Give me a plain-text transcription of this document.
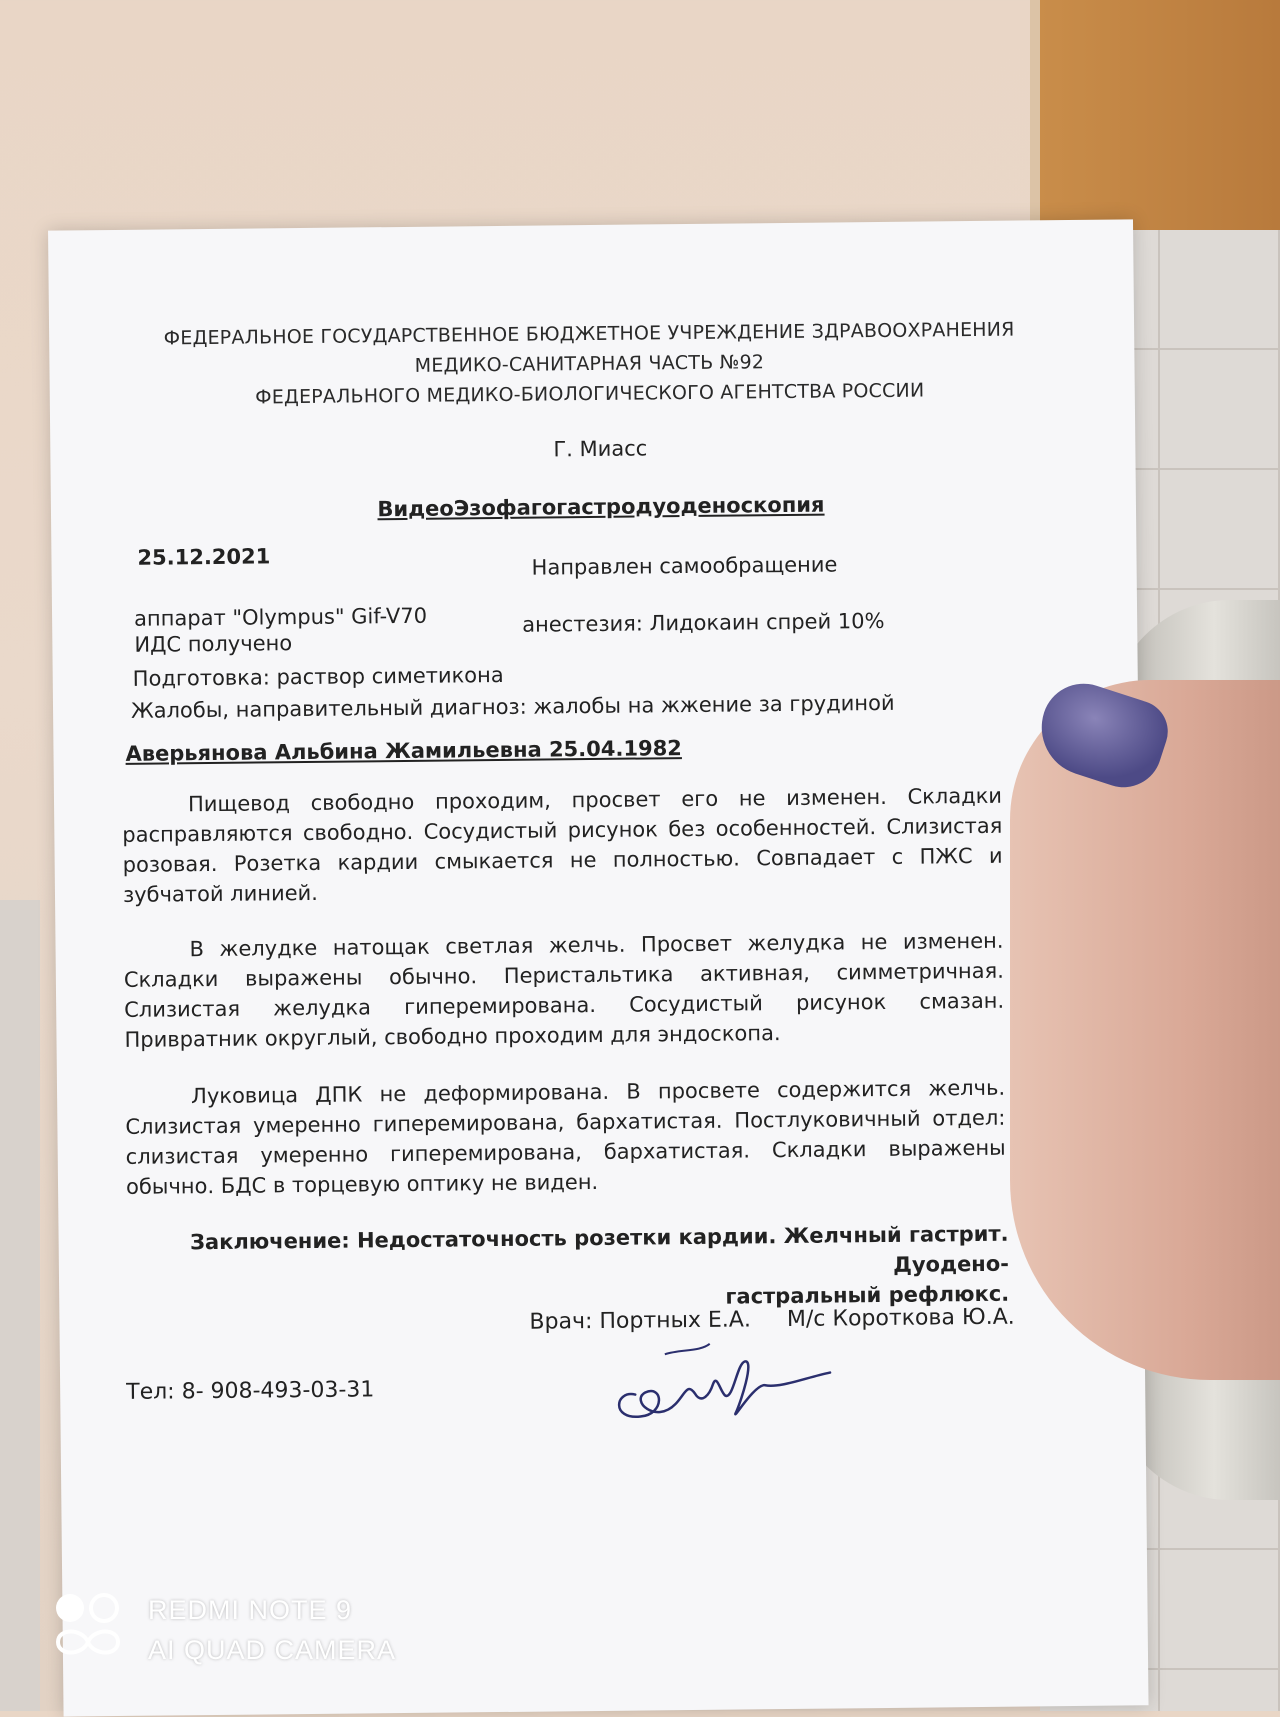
ФЕДЕРАЛЬНОЕ ГОСУДАРСТВЕННОЕ БЮДЖЕТНОЕ УЧРЕЖДЕНИЕ ЗДРАВООХРАНЕНИЯ
МЕДИКО-САНИТАРНАЯ ЧАСТЬ №92
ФЕДЕРАЛЬНОГО МЕДИКО-БИОЛОГИЧЕСКОГО АГЕНТСТВА РОССИИ
Г. Миасс
ВидеоЭзофагогастродуоденоскопия
25.12.2021	Направлен самообращение
аппарат "Olympus" Gif-V70	анестезия: Лидокаин спрей 10%
ИДС получено
Подготовка: раствор симетикона
Жалобы, направительный диагноз: жалобы на жжение за грудиной
Аверьянова Альбина Жамильевна 25.04.1982
Пищевод свободно проходим, просвет его не изменен. Складки расправляются свободно. Сосудистый рисунок без особенностей. Слизистая розовая. Розетка кардии смыкается не полностью. Совпадает с ПЖС и зубчатой линией.
В желудке натощак светлая желчь. Просвет желудка не изменен. Складки выражены обычно. Перистальтика активная, симметричная. Слизистая желудка гиперемирована. Сосудистый рисунок смазан. Привратник округлый, свободно проходим для эндоскопа.
Луковица ДПК не деформирована. В просвете содержится желчь. Слизистая умеренно гиперемирована, бархатистая. Постлуковичный отдел: слизистая умеренно гиперемирована, бархатистая. Складки выражены обычно. БДС в торцевую оптику не виден.
Заключение: Недостаточность розетки кардии. Желчный гастрит. Дуодено-
гастральный рефлюкс.
Врач: Портных Е.А. М/с Короткова Ю.А.
Тел: 8- 908-493-03-31
REDMI NOTE 9
AI QUAD CAMERA
